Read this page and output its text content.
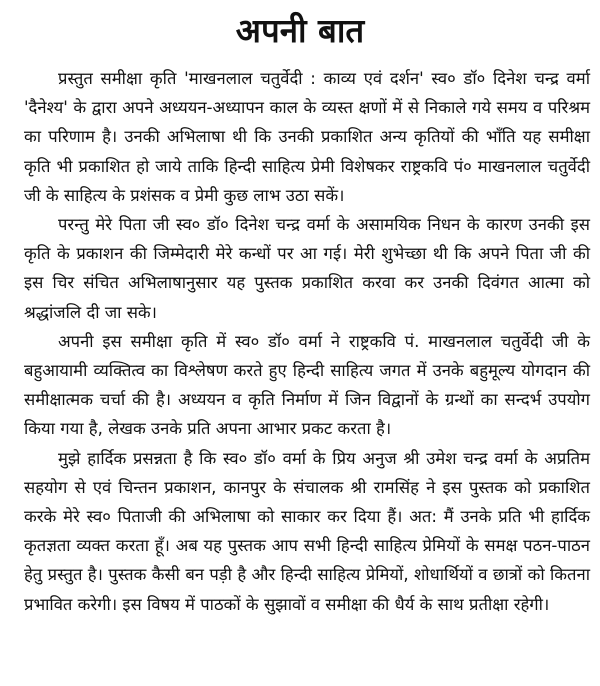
अपनी बात

प्रस्तुत समीक्षा कृति 'माखनलाल चतुर्वेदी : काव्य एवं दर्शन' स्व० डॉ० दिनेश चन्द्र वर्मा 'दैनेश्य' के द्वारा अपने अध्ययन-अध्यापन काल के व्यस्त क्षणों में से निकाले गये समय व परिश्रम का परिणाम है। उनकी अभिलाषा थी कि उनकी प्रकाशित अन्य कृतियों की भाँति यह समीक्षा कृति भी प्रकाशित हो जाये ताकि हिन्दी साहित्य प्रेमी विशेषकर राष्ट्रकवि पं० माखनलाल चतुर्वेदी जी के साहित्य के प्रशंसक व प्रेमी कुछ लाभ उठा सकें।

परन्तु मेरे पिता जी स्व० डॉ० दिनेश चन्द्र वर्मा के असामयिक निधन के कारण उनकी इस कृति के प्रकाशन की जिम्मेदारी मेरे कन्धों पर आ गई। मेरी शुभेच्छा थी कि अपने पिता जी की इस चिर संचित अभिलाषानुसार यह पुस्तक प्रकाशित करवा कर उनकी दिवंगत आत्मा को श्रद्धांजलि दी जा सके।

अपनी इस समीक्षा कृति में स्व० डॉ० वर्मा ने राष्ट्रकवि पं. माखनलाल चतुर्वेदी जी के बहुआयामी व्यक्तित्व का विश्लेषण करते हुए हिन्दी साहित्य जगत में उनके बहुमूल्य योगदान की समीक्षात्मक चर्चा की है। अध्ययन व कृति निर्माण में जिन विद्वानों के ग्रन्थों का सन्दर्भ उपयोग किया गया है, लेखक उनके प्रति अपना आभार प्रकट करता है।

मुझे हार्दिक प्रसन्नता है कि स्व० डॉ० वर्मा के प्रिय अनुज श्री उमेश चन्द्र वर्मा के अप्रतिम सहयोग से एवं चिन्तन प्रकाशन, कानपुर के संचालक श्री रामसिंह ने इस पुस्तक को प्रकाशित करके मेरे स्व० पिताजी की अभिलाषा को साकार कर दिया हैं। अत: मैं उनके प्रति भी हार्दिक कृतज्ञता व्यक्त करता हूँ। अब यह पुस्तक आप सभी हिन्दी साहित्य प्रेमियों के समक्ष पठन-पाठन हेतु प्रस्तुत है। पुस्तक कैसी बन पड़ी है और हिन्दी साहित्य प्रेमियों, शोधार्थियों व छात्रों को कितना प्रभावित करेगी। इस विषय में पाठकों के सुझावों व समीक्षा की धैर्य के साथ प्रतीक्षा रहेगी।
